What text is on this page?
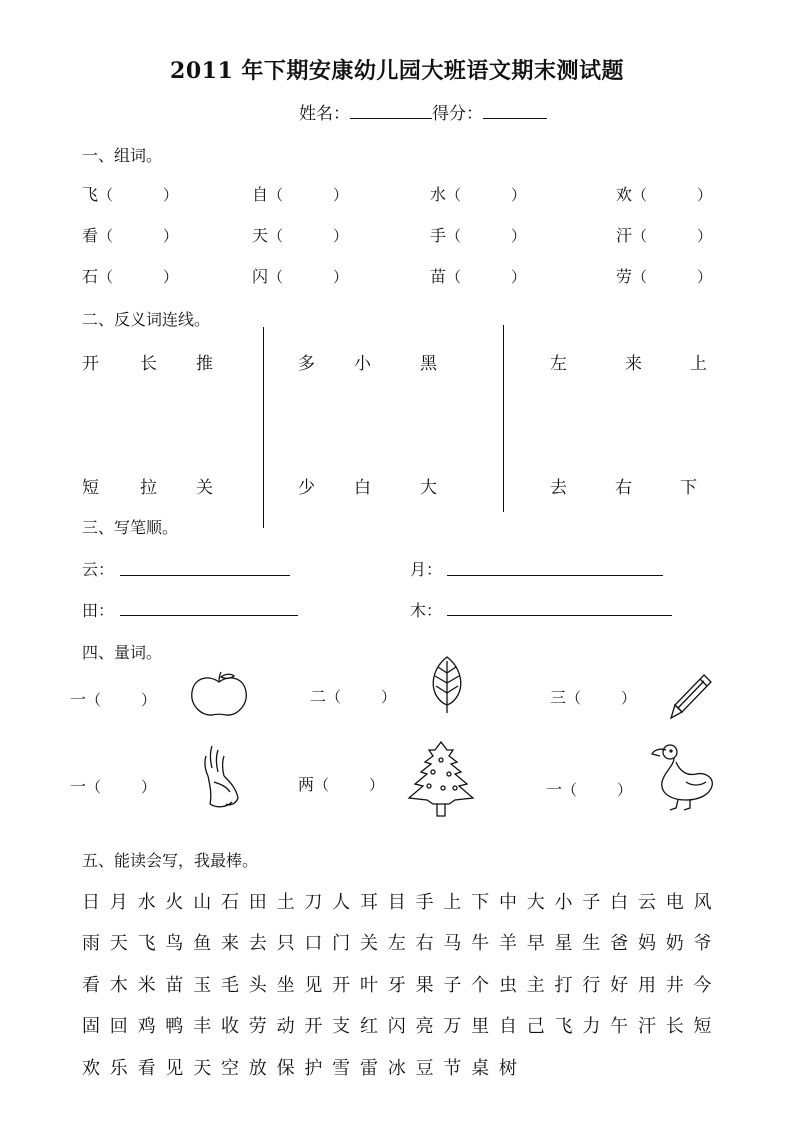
2011 年下期安康幼儿园大班语文期末测试题
姓名：	得分：
一、组词。
飞（	）	自（	）	水（	）	欢（	）
看（	）	天（	）	手（	）	汗（	）
石（	）	闪（	）	苗（	）	劳（	）
二、反义词连线。
开 长 推
短 拉 关
多 小	黑
少 白	大
左	来	上
去	右	下
三、写笔顺。
云：	月：
田：	木：
四、量词。
一（	）	二（	）	三（	）
一（	）	两（	）	一（	）
五、能读会写，我最棒。
日 月 水 火 山 石 田 土 刀 人 耳 目 手 上 下 中 大 小 子 白 云 电 风
雨 天 飞 鸟 鱼 来 去 只 口 门 关 左 右 马 牛 羊 早 星 生 爸 妈 奶 爷
看 木 米 苗 玉 毛 头 坐 见 开 叶 牙 果 子 个 虫 主 打 行 好 用 井 今
固 回 鸡 鸭 丰 收 劳 动 开 支 红 闪 亮 万 里 自 己 飞 力 午 汗 长 短
欢 乐 看 见 天 空 放 保 护 雪 雷 冰 豆 节 桌 树
